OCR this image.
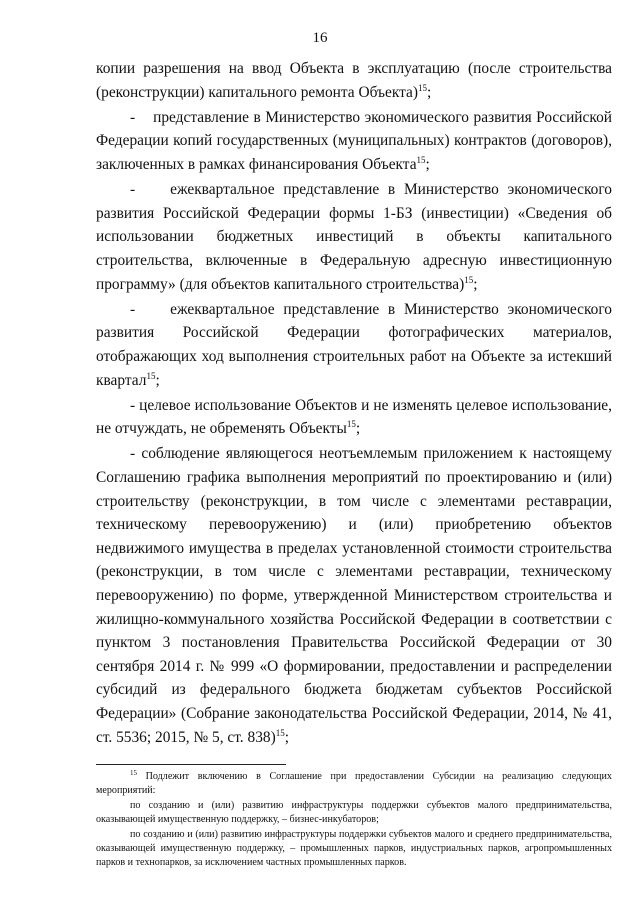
16

копии разрешения на ввод Объекта в эксплуатацию (после строительства (реконструкции) капитального ремонта Объекта)$^{15}$;

-    представление в Министерство экономического развития Российской Федерации копий государственных (муниципальных) контрактов (договоров), заключенных в рамках финансирования Объекта$^{15}$;

-    ежеквартальное представление в Министерство экономического развития Российской Федерации формы 1-БЗ (инвестиции) «Сведения об использовании бюджетных инвестиций в объекты капитального строительства, включенные в Федеральную адресную инвестиционную программу» (для объектов капитального строительства)$^{15}$;

-    ежеквартальное представление в Министерство экономического развития Российской Федерации фотографических материалов, отображающих ход выполнения строительных работ на Объекте за истекший квартал$^{15}$;

- целевое использование Объектов и не изменять целевое использование, не отчуждать, не обременять Объекты$^{15}$;

- соблюдение являющегося неотъемлемым приложением к настоящему Соглашению графика выполнения мероприятий по проектированию и (или) строительству (реконструкции, в том числе с элементами реставрации, техническому перевооружению) и (или) приобретению объектов недвижимого имущества в пределах установленной стоимости строительства (реконструкции, в том числе с элементами реставрации, техническому перевооружению) по форме, утвержденной Министерством строительства и жилищно-коммунального хозяйства Российской Федерации в соответствии с пунктом 3 постановления Правительства Российской Федерации от 30 сентября 2014 г. № 999 «О формировании, предоставлении и распределении субсидий из федерального бюджета бюджетам субъектов Российской Федерации» (Собрание законодательства Российской Федерации, 2014, № 41, ст. 5536; 2015, № 5, ст. 838)$^{15}$;

$^{15}$ Подлежит включению в Соглашение при предоставлении Субсидии на реализацию следующих мероприятий:

по созданию и (или) развитию инфраструктуры поддержки субъектов малого предпринимательства, оказывающей имущественную поддержку, – бизнес-инкубаторов;

по созданию и (или) развитию инфраструктуры поддержки субъектов малого и среднего предпринимательства, оказывающей имущественную поддержку, – промышленных парков, индустриальных парков, агропромышленных парков и технопарков, за исключением частных промышленных парков.
